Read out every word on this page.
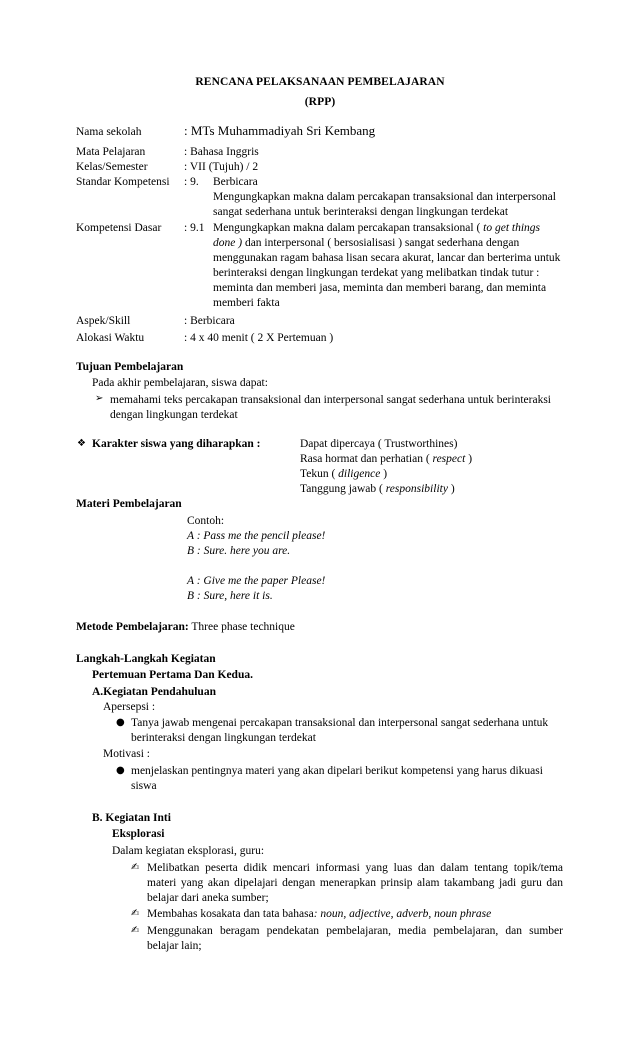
RENCANA PELAKSANAAN PEMBELAJARAN
(RPP)
Nama sekolah	: MTs Muhammadiyah Sri Kembang
Mata Pelajaran	: Bahasa Inggris
Kelas/Semester	: VII (Tujuh) / 2
Standar Kompetensi : 9. Berbicara
Mengungkapkan makna dalam percakapan transaksional dan interpersonal
sangat sederhana untuk berinteraksi dengan lingkungan terdekat
Kompetensi Dasar : 9.1 Mengungkapkan makna dalam percakapan transaksional ( to get things
done ) dan interpersonal ( bersosialisasi ) sangat sederhana dengan
menggunakan ragam bahasa lisan secara akurat, lancar dan berterima untuk
berinteraksi dengan lingkungan terdekat yang melibatkan tindak tutur :
meminta dan memberi jasa, meminta dan memberi barang, dan meminta
memberi fakta
Aspek/Skill	: Berbicara
Alokasi Waktu	: 4 x 40 menit ( 2 X Pertemuan )
Tujuan Pembelajaran
Pada akhir pembelajaran, siswa dapat:
➢ memahami teks percakapan transaksional dan interpersonal sangat sederhana untuk berinteraksi
dengan lingkungan terdekat
❖ Karakter siswa yang diharapkan :	Dapat dipercaya ( Trustworthines)
Rasa hormat dan perhatian ( respect )
Tekun ( diligence )
Tanggung jawab ( responsibility )
Materi Pembelajaran
Contoh:
A : Pass me the pencil please!
B : Sure. here you are.
A : Give me the paper Please!
B : Sure, here it is.
Metode Pembelajaran: Three phase technique
Langkah-Langkah Kegiatan
Pertemuan Pertama Dan Kedua.
A.Kegiatan Pendahuluan
Apersepsi :
● Tanya jawab mengenai percakapan transaksional dan interpersonal sangat sederhana untuk
berinteraksi dengan lingkungan terdekat
Motivasi :
● menjelaskan pentingnya materi yang akan dipelari berikut kompetensi yang harus dikuasi
siswa
B. Kegiatan Inti
Eksplorasi
Dalam kegiatan eksplorasi, guru:
✍ Melibatkan peserta didik mencari informasi yang luas dan dalam tentang topik/tema
materi yang akan dipelajari dengan menerapkan prinsip alam takambang jadi guru dan
belajar dari aneka sumber;
✍ Membahas kosakata dan tata bahasa: noun, adjective, adverb, noun phrase
✍ Menggunakan beragam pendekatan pembelajaran, media pembelajaran, dan sumber
belajar lain;
